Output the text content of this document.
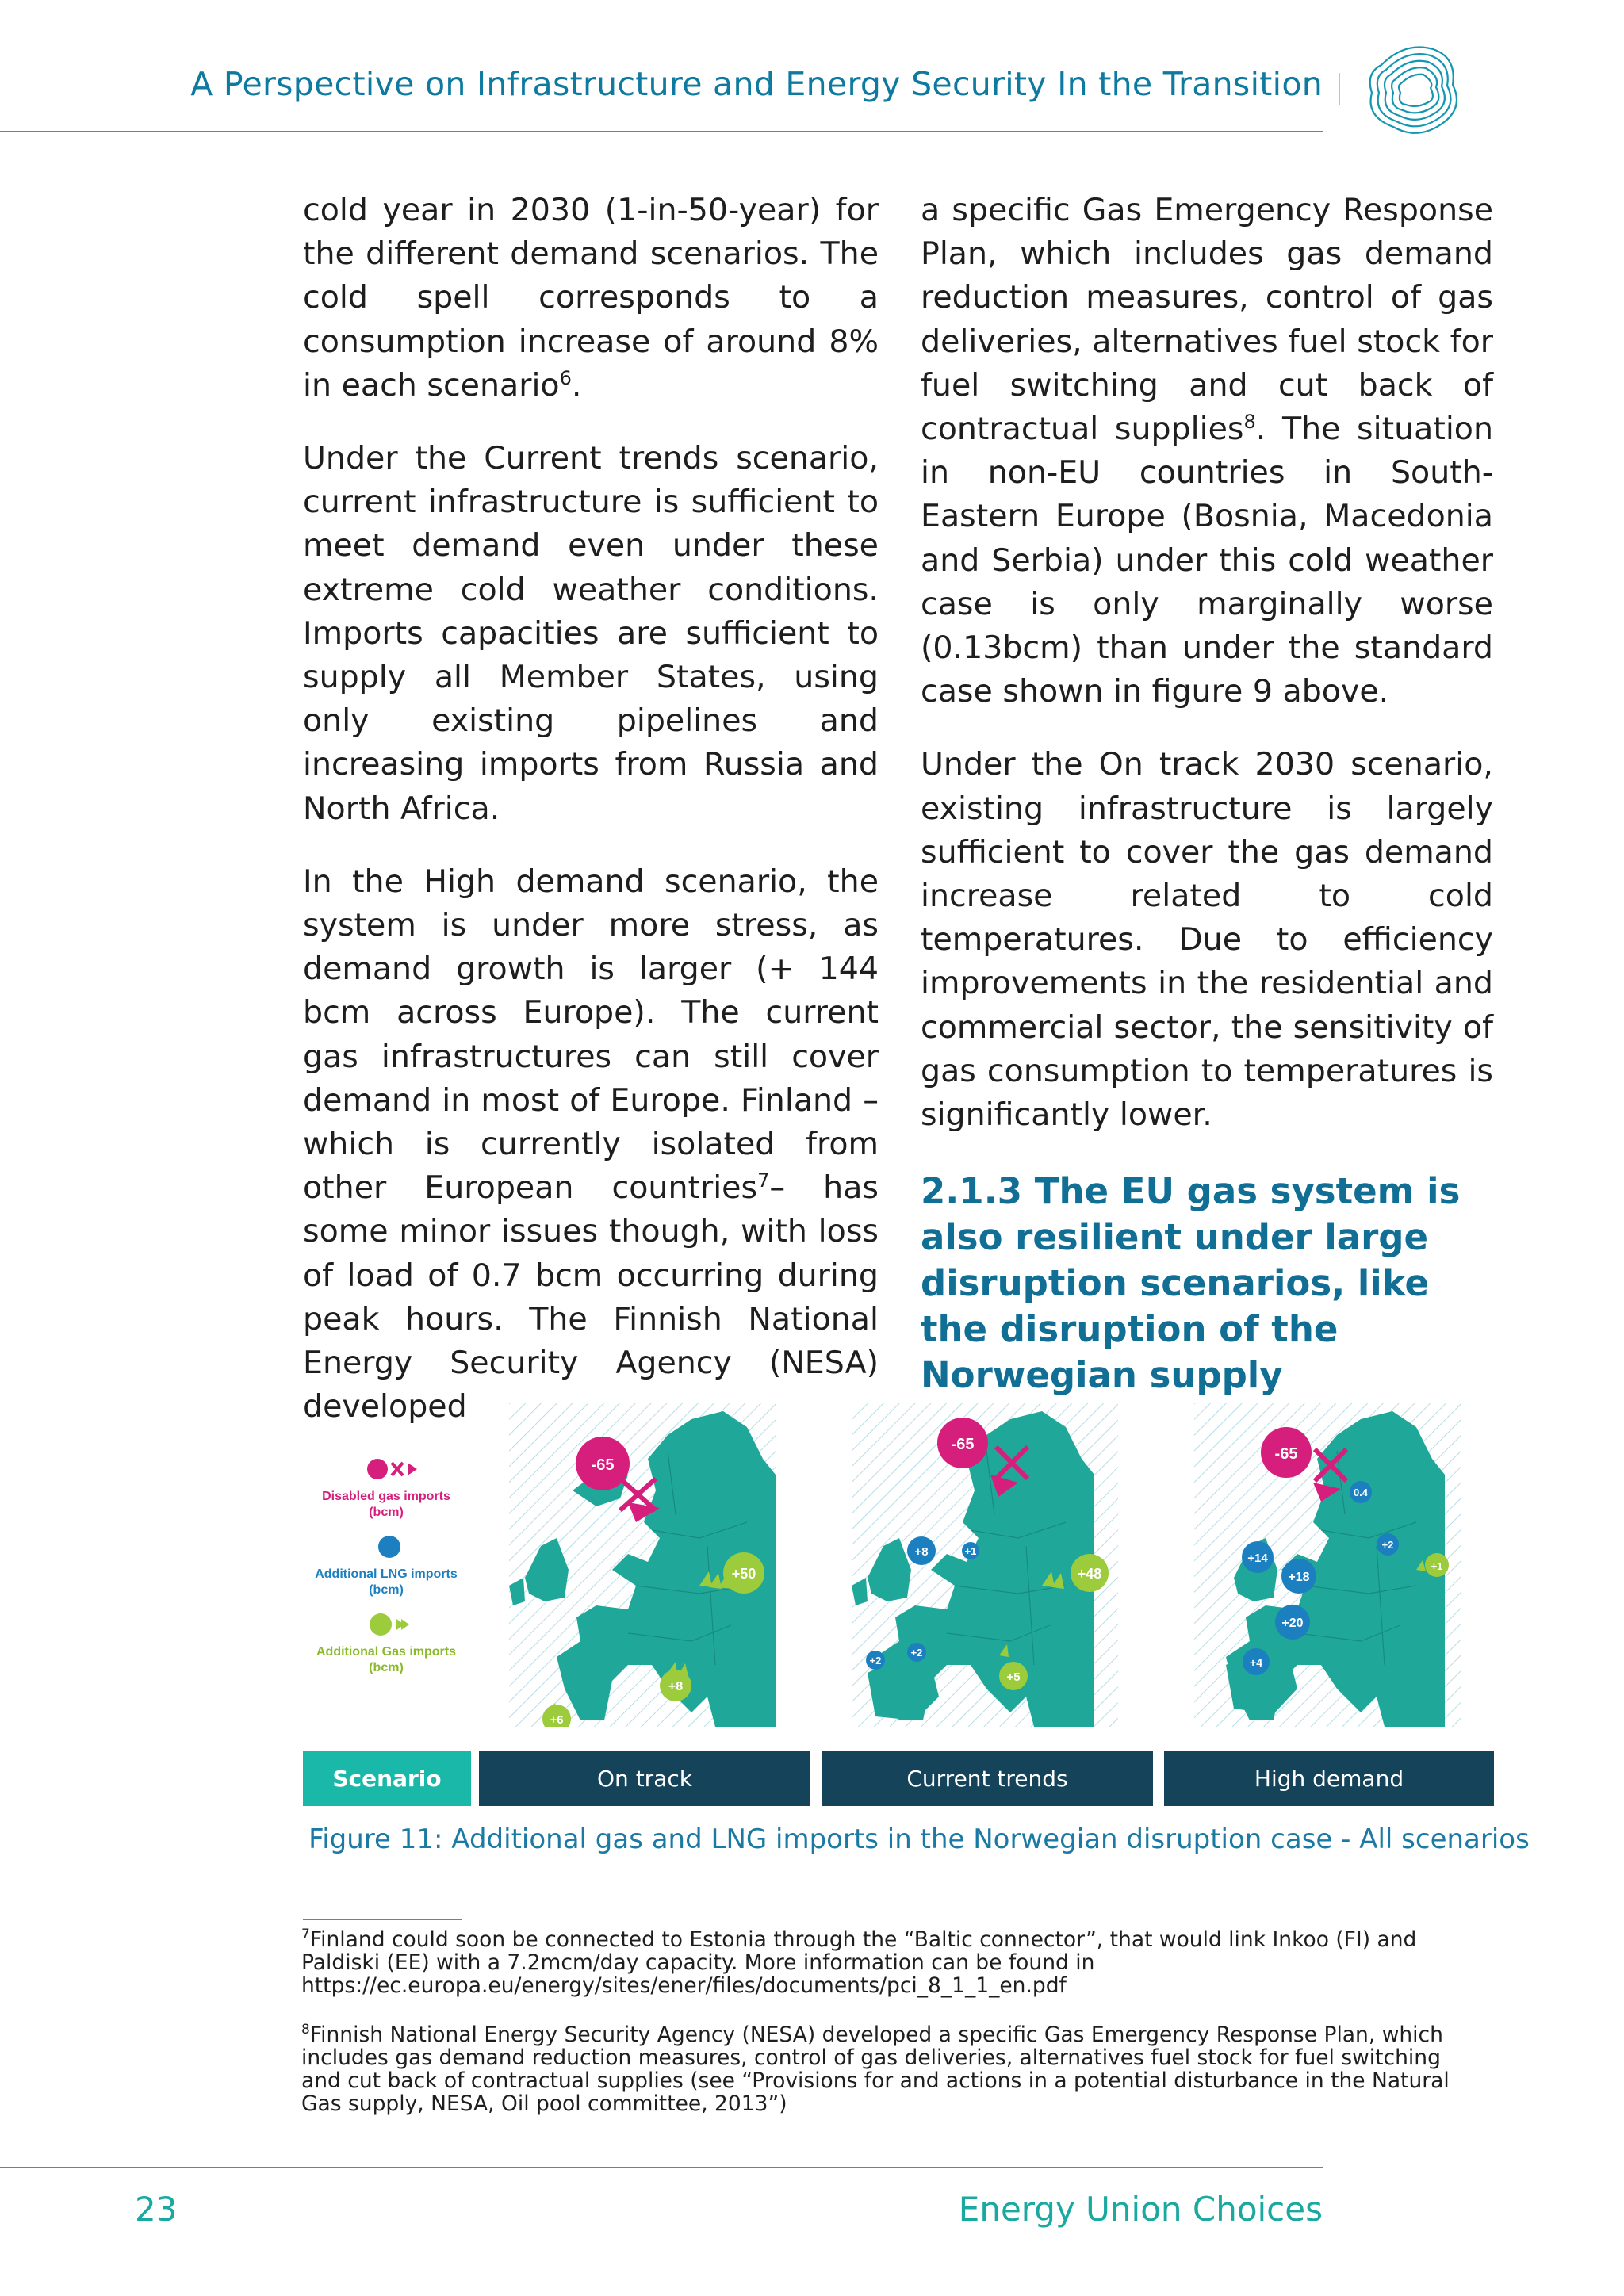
A Perspective on Infrastructure and Energy Security In the Transition

cold year in 2030 (1-in-50-year) for the different demand scenarios. The cold spell corresponds to a consumption increase of around 8% in each scenario$^6$.

Under the Current trends scenario, current infrastructure is sufficient to meet demand even under these extreme cold weather conditions. Imports capacities are sufficient to supply all Member States, using only existing pipelines and increasing imports from Russia and North Africa.

In the High demand scenario, the system is under more stress, as demand growth is larger (+ 144 bcm across Europe). The current gas infrastructures can still cover demand in most of Europe. Finland – which is currently isolated from other European countries$^7$– has some minor issues though, with loss of load of 0.7 bcm occurring during peak hours. The Finnish National Energy Security Agency (NESA) developed

a specific Gas Emergency Response Plan, which includes gas demand reduction measures, control of gas deliveries, alternatives fuel stock for fuel switching and cut back of contractual supplies$^8$. The situation in non-EU countries in South-Eastern Europe (Bosnia, Macedonia and Serbia) under this cold weather case is only marginally worse (0.13bcm) than under the standard case shown in figure 9 above.

Under the On track 2030 scenario, existing infrastructure is largely sufficient to cover the gas demand increase related to cold temperatures. Due to efficiency improvements in the residential and commercial sector, the sensitivity of gas consumption to temperatures is significantly lower.

2.1.3 The EU gas system is also resilient under large disruption scenarios, like the disruption of the Norwegian supply
Disabled gas imports (bcm)
Additional LNG imports (bcm)
Additional Gas imports (bcm)
-65
+50
+8
+6
-65
+8	+1
+2
+2
+48
+5
-65
0.4
+2
+14
+18
+20
+4
+1
Scenario	On track	Current trends	High demand
Figure 11: Additional gas and LNG imports in the Norwegian disruption case - All scenarios
$^7$Finland could soon be connected to Estonia through the “Baltic connector”, that would link Inkoo (FI) and Paldiski (EE) with a 7.2mcm/day capacity. More information can be found in https://ec.europa.eu/energy/sites/ener/files/documents/pci_8_1_1_en.pdf
$^8$Finnish National Energy Security Agency (NESA) developed a specific Gas Emergency Response Plan, which includes gas demand reduction measures, control of gas deliveries, alternatives fuel stock for fuel switching and cut back of contractual supplies (see “Provisions for and actions in a potential disturbance in the Natural Gas supply, NESA, Oil pool committee, 2013”)
23	Energy Union Choices
